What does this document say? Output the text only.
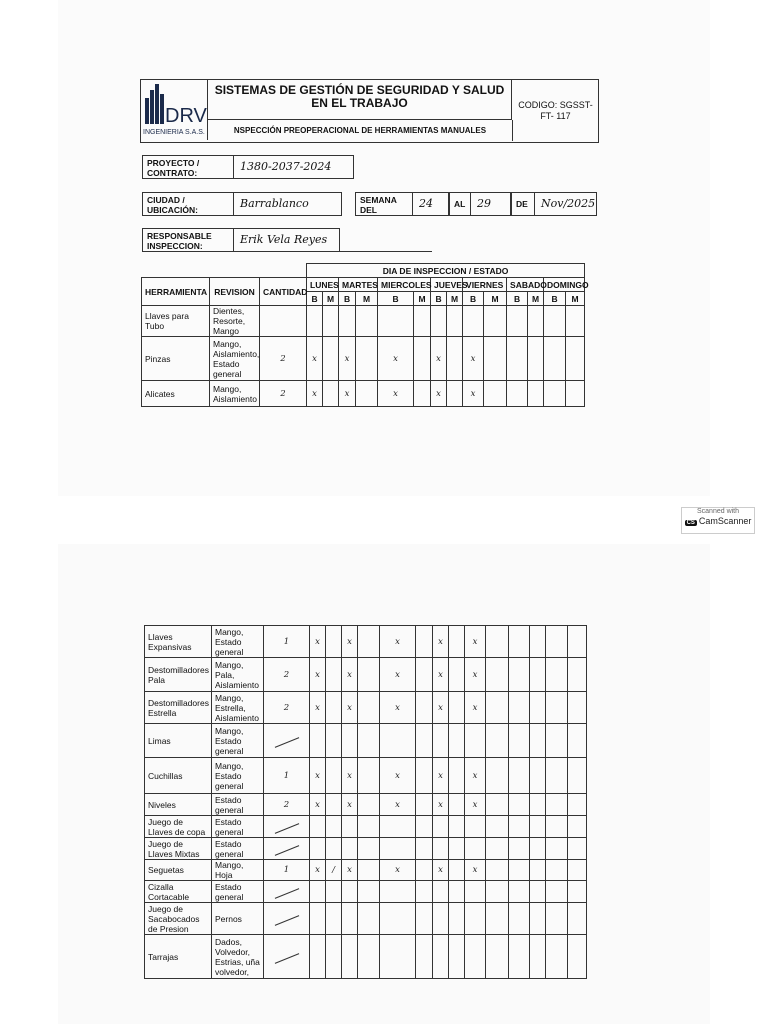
DRV
INGENIERIA S.A.S.
SISTEMAS DE GESTIÓN DE SEGURIDAD Y SALUD EN EL TRABAJO
NSPECCIÓN PREOPERACIONAL DE HERRAMIENTAS MANUALES
CODIGO: SGSST-FT- 117
PROYECTO / CONTRATO:	1380-2037-2024
CIUDAD / UBICACIÓN:	Barrablanco	SEMANA DEL	24	AL	29	DE	Nov/2025
RESPONSABLE INSPECCION:	Erik Vela Reyes
			DIA DE INSPECCION / ESTADO													
HERRAMIENTA	REVISION	CANTIDAD	LUNES		MARTES		MIERCOLES		JUEVES		VIERNES		SABADO		DOMINGO	
			B	M	B	M	B	M	B	M	B	M	B	M	B	M
Llaves para Tubo	Dientes, Resorte, Mango															
Pinzas	Mango, Aislamiento, Estado general	2	x		x		x		x		x					
Alicates	Mango, Aislamiento	2	x		x		x		x		x					
Scanned with
CS CamScanner
Llaves Expansivas	Mango, Estado general	1	x		x		x		x		x					
Destomilladores Pala	Mango, Pala, Aislamiento	2	x		x		x		x		x					
Destomilladores Estrella	Mango, Estrella, Aislamiento	2	x		x		x		x		x					
Limas	Mango, Estado general															
Cuchillas	Mango, Estado general	1	x		x		x		x		x					
Niveles	Estado general	2	x		x		x		x		x					
Juego de Llaves de copa	Estado general															
Juego de Llaves Mixtas	Estado general															
Seguetas	Mango, Hoja	1	x	/	x		x		x		x					
Cizalla Cortacable	Estado general															
Juego de Sacabocados de Presion	Pernos															
Tarrajas	Dados, Volvedor, Estrias, uña volvedor,															
